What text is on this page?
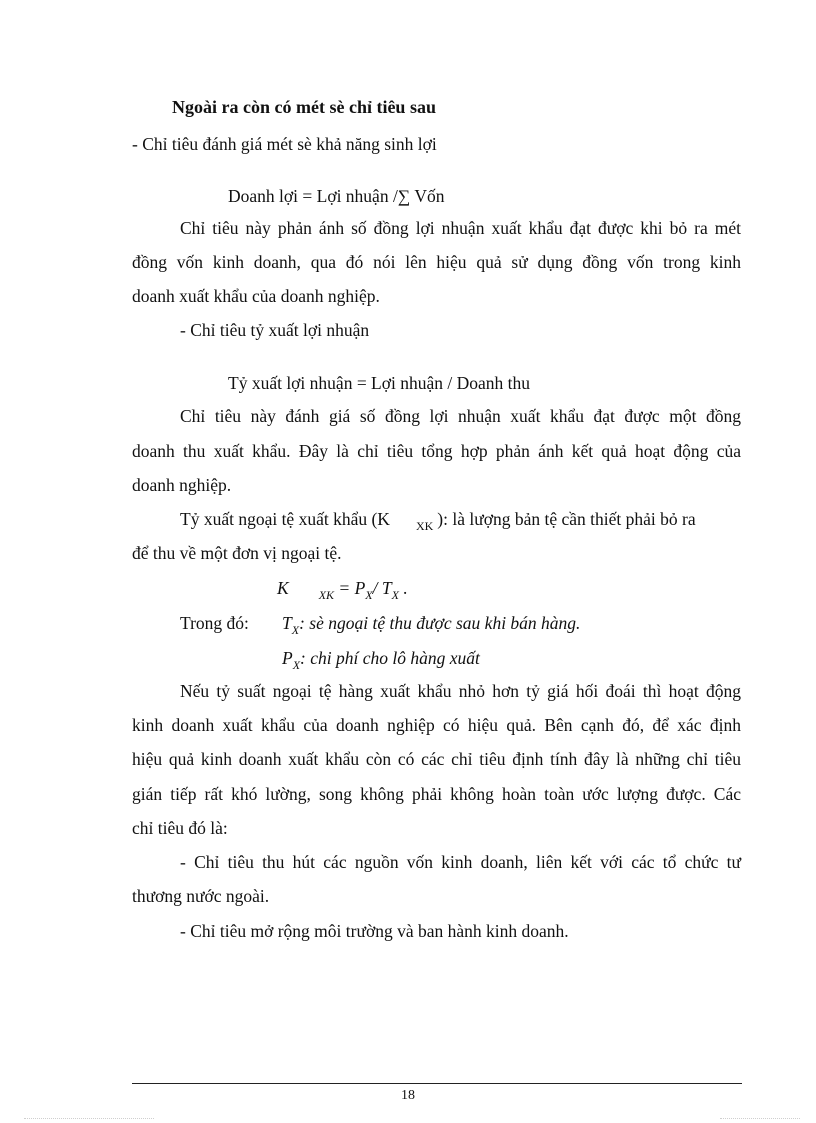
Ngoài ra còn có mét sè chỉ tiêu sau
- Chỉ tiêu đánh giá mét sè khả năng sinh lợi
Doanh lợi = Lợi nhuận /∑ Vốn
Chỉ tiêu này phản ánh số đồng lợi nhuận xuất khẩu đạt được khi bỏ ra mét
đồng vốn kinh doanh, qua đó nói lên hiệu quả sử dụng đồng vốn trong kinh
doanh xuất khẩu của doanh nghiệp.
- Chỉ tiêu tỷ xuất lợi nhuận
Tỷ xuất lợi nhuận = Lợi nhuận / Doanh thu
Chỉ tiêu này đánh giá số đồng lợi nhuận xuất khẩu đạt được một đồng
doanh thu xuất khẩu. Đây là chỉ tiêu tổng hợp phản ánh kết quả hoạt động của
doanh nghiệp.
Tỷ xuất ngoại tệ xuất khẩu (K $_{XK}$ ): là lượng bản tệ cần thiết phải bỏ ra
để thu về một đơn vị ngoại tệ.
K	$_{XK} = P_X/$ $T_X$ .
Trong đó: $T_X$: sè ngoại tệ thu được sau khi bán hàng.
$P_X$: chi phí cho lô hàng xuất
Nếu tỷ suất ngoại tệ hàng xuất khẩu nhỏ hơn tỷ giá hối đoái thì hoạt động
kinh doanh xuất khẩu của doanh nghiệp có hiệu quả. Bên cạnh đó, để xác định
hiệu quả kinh doanh xuất khẩu còn có các chỉ tiêu định tính đây là những chỉ tiêu
gián tiếp rất khó lường, song không phải không hoàn toàn ước lượng được. Các
chỉ tiêu đó là:
- Chỉ tiêu thu hút các nguồn vốn kinh doanh, liên kết với các tổ chức tư
thương nước ngoài.
- Chỉ tiêu mở rộng môi trường và ban hành kinh doanh.
18
